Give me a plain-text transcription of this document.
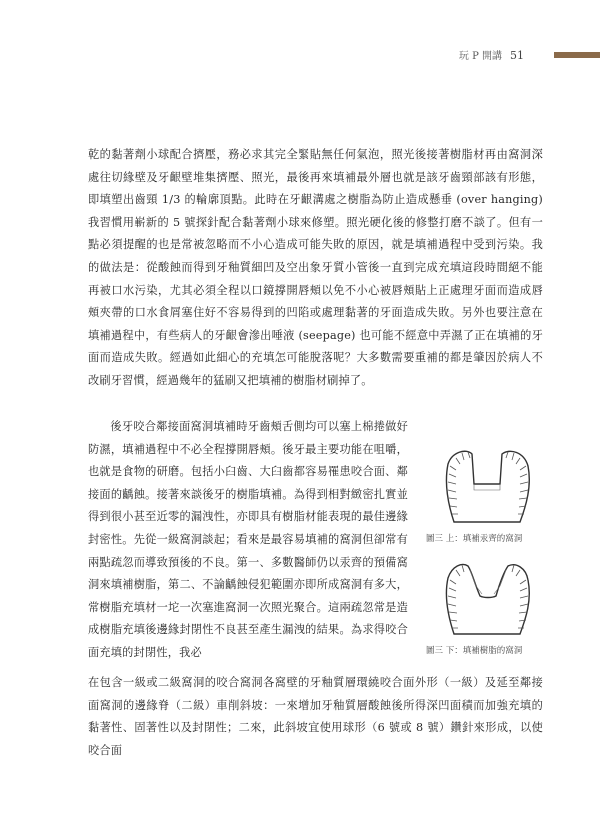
玩 P 開講 51

乾的黏著劑小球配合擠壓，務必求其完全緊貼無任何氣泡，照光後接著樹脂材再由窩洞深處往切緣壁及牙齦壁堆集擠壓、照光，最後再來填補最外層也就是該牙齒頸部該有形態，即填塑出齒頸 1/3 的輪廓頂點。此時在牙齦溝處之樹脂為防止造成懸垂 (over hanging) 我習慣用嶄新的 5 號探針配合黏著劑小球來修塑。照光硬化後的修整打磨不談了。但有一點必須提醒的也是常被忽略而不小心造成可能失敗的原因，就是填補過程中受到污染。我的做法是：從酸蝕而得到牙釉質細凹及空出象牙質小管後一直到完成充填這段時間絕不能再被口水污染，尤其必須全程以口鏡撐開唇頰以免不小心被唇頰貼上正處理牙面而造成唇頰夾帶的口水食屑塞住好不容易得到的凹陷或處理黏著的牙面造成失敗。另外也要注意在填補過程中，有些病人的牙齦會滲出唾液 (seepage) 也可能不經意中弄濕了正在填補的牙面而造成失敗。經過如此細心的充填怎可能脫落呢？大多數需要重補的都是肇因於病人不改刷牙習慣，經過幾年的猛刷又把填補的樹脂材刷掉了。

後牙咬合鄰接面窩洞填補時牙齒頰舌側均可以塞上棉捲做好防濕，填補過程中不必全程撐開唇頰。後牙最主要功能在咀嚼，也就是食物的研磨。包括小臼齒、大臼齒都容易罹患咬合面、鄰接面的齲蝕。接著來談後牙的樹脂填補。為得到相對緻密扎實並得到很小甚至近零的漏洩性，亦即具有樹脂材能表現的最佳邊緣封密性。先從一級窩洞談起；看來是最容易填補的窩洞但卻常有兩點疏忽而導致預後的不良。第一、多數醫師仍以汞齊的預備窩洞來填補樹脂，第二、不論齲蝕侵犯範圍亦即所成窩洞有多大，常樹脂充填材一坨一次塞進窩洞一次照光聚合。這兩疏忽常是造成樹脂充填後邊緣封閉性不良甚至產生漏洩的結果。為求得咬合面充填的封閉性，我必

在包含一級或二級窩洞的咬合窩洞各窩壁的牙釉質層環繞咬合面外形（一級）及延至鄰接面窩洞的邊緣脊（二級）車削斜坡：一來增加牙釉質層酸蝕後所得深凹面積而加強充填的黏著性、固著性以及封閉性；二來，此斜坡宜使用球形（6 號或 8 號）鑽針來形成，以使咬合面

圖三 上：填補汞齊的窩洞
圖三 下：填補樹脂的窩洞
